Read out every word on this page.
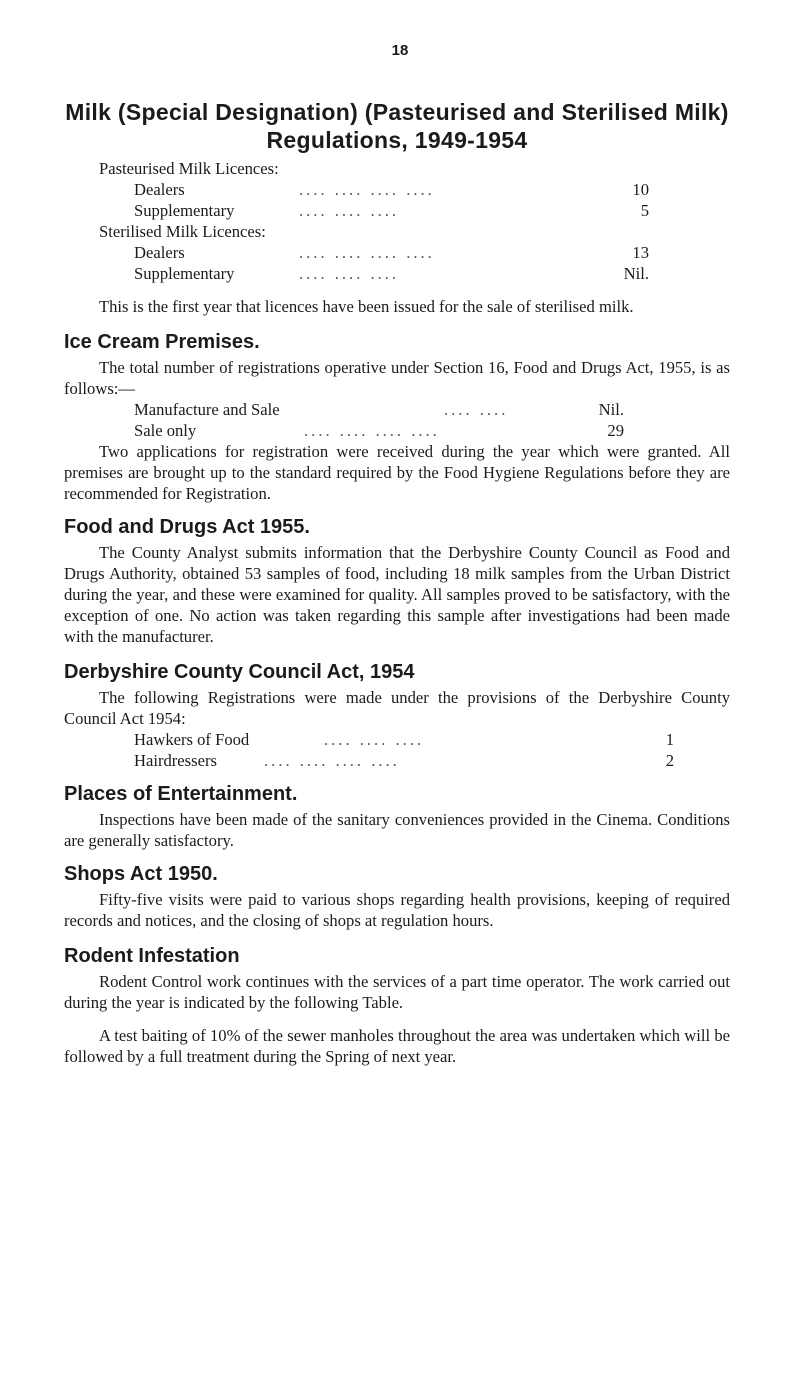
18
Milk (Special Designation) (Pasteurised and Sterilised Milk) Regulations, 1949-1954
Pasteurised Milk Licences:
Dealers	.... .... .... ....	10
Supplementary	.... .... ....	5
Sterilised Milk Licences:
Dealers	.... .... .... ....	13
Supplementary	.... .... ....	Nil.

This is the first year that licences have been issued for the sale of sterilised milk.

Ice Cream Premises.

The total number of registrations operative under Section 16, Food and Drugs Act, 1955, is as follows:—

Manufacture and Sale	.... ....	Nil.
Sale only	.... .... .... ....	29

Two applications for registration were received during the year which were granted. All premises are brought up to the standard required by the Food Hygiene Regulations before they are recommended for Registration.

Food and Drugs Act 1955.

The County Analyst submits information that the Derbyshire County Council as Food and Drugs Authority, obtained 53 samples of food, including 18 milk samples from the Urban District during the year, and these were examined for quality. All samples proved to be satisfactory, with the exception of one. No action was taken regarding this sample after investigations had been made with the manufacturer.

Derbyshire County Council Act, 1954

The following Registrations were made under the provisions of the Derbyshire County Council Act 1954:

Hawkers of Food	.... .... ....	1
Hairdressers	.... .... .... ....	2
Places of Entertainment.

Inspections have been made of the sanitary conveniences provided in the Cinema. Conditions are generally satisfactory.

Shops Act 1950.

Fifty-five visits were paid to various shops regarding health provisions, keeping of required records and notices, and the closing of shops at regulation hours.

Rodent Infestation

Rodent Control work continues with the services of a part time operator. The work carried out during the year is indicated by the following Table.

A test baiting of 10% of the sewer manholes throughout the area was undertaken which will be followed by a full treatment during the Spring of next year.
